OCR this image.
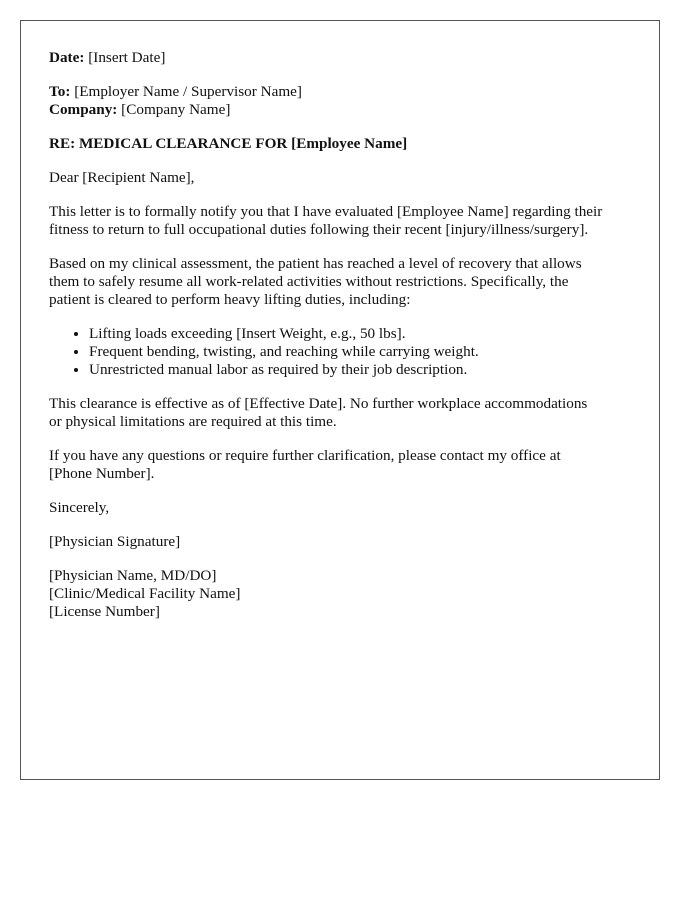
Date: [Insert Date]

To: [Employer Name / Supervisor Name]

Company: [Company Name]

RE: MEDICAL CLEARANCE FOR [Employee Name]

Dear [Recipient Name],

This letter is to formally notify you that I have evaluated [Employee Name] regarding their

fitness to return to full occupational duties following their recent [injury/illness/surgery].

Based on my clinical assessment, the patient has reached a level of recovery that allows

them to safely resume all work-related activities without restrictions. Specifically, the

patient is cleared to perform heavy lifting duties, including:

• Lifting loads exceeding [Insert Weight, e.g., 50 lbs].
• Frequent bending, twisting, and reaching while carrying weight.
• Unrestricted manual labor as required by their job description.

This clearance is effective as of [Effective Date]. No further workplace accommodations

or physical limitations are required at this time.

If you have any questions or require further clarification, please contact my office at

[Phone Number].

Sincerely,

[Physician Signature]

[Physician Name, MD/DO]

[Clinic/Medical Facility Name]

[License Number]
